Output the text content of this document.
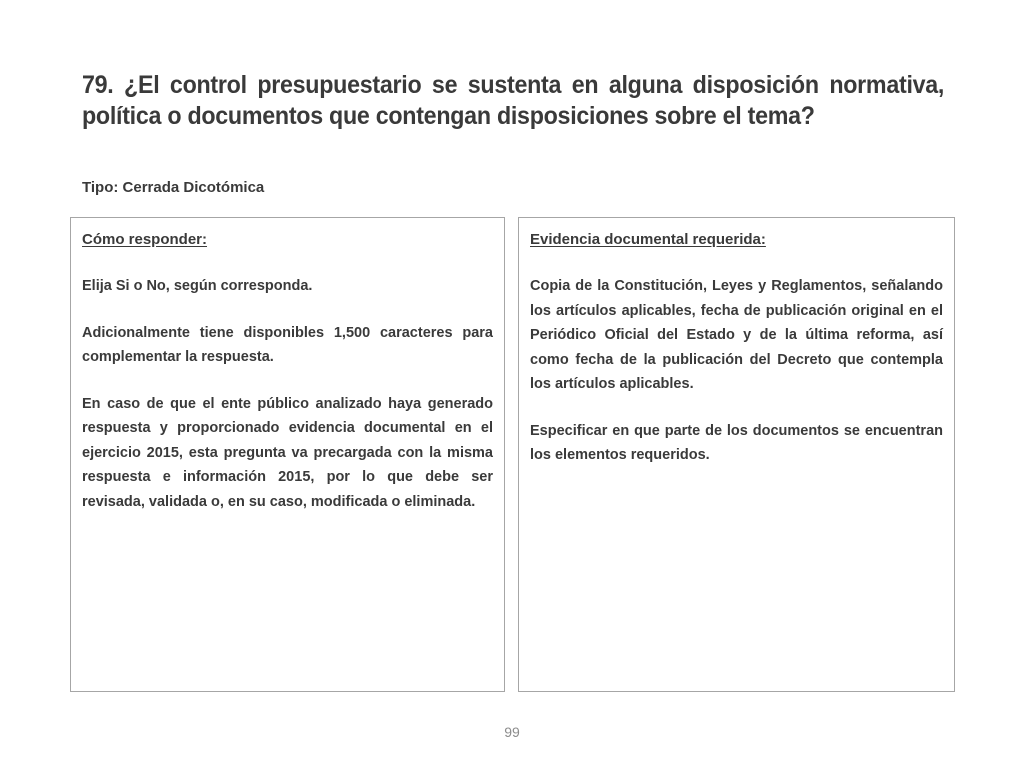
79. ¿El control presupuestario se sustenta en alguna disposición normativa, política o documentos que contengan disposiciones sobre el tema?
Tipo: Cerrada Dicotómica
Cómo responder:

Elija Si o No, según corresponda.

Adicionalmente tiene disponibles 1,500 caracteres para complementar la respuesta.

En caso de que el ente público analizado haya generado respuesta y proporcionado evidencia documental en el ejercicio 2015, esta pregunta va precargada con la misma respuesta e información 2015, por lo que debe ser revisada, validada o, en su caso, modificada o eliminada.

Evidencia documental requerida:

Copia de la Constitución, Leyes y Reglamentos, señalando los artículos aplicables, fecha de publicación original en el Periódico Oficial del Estado y de la última reforma, así como fecha de la publicación del Decreto que contempla los artículos aplicables.

Especificar en que parte de los documentos se encuentran los elementos requeridos.

99
